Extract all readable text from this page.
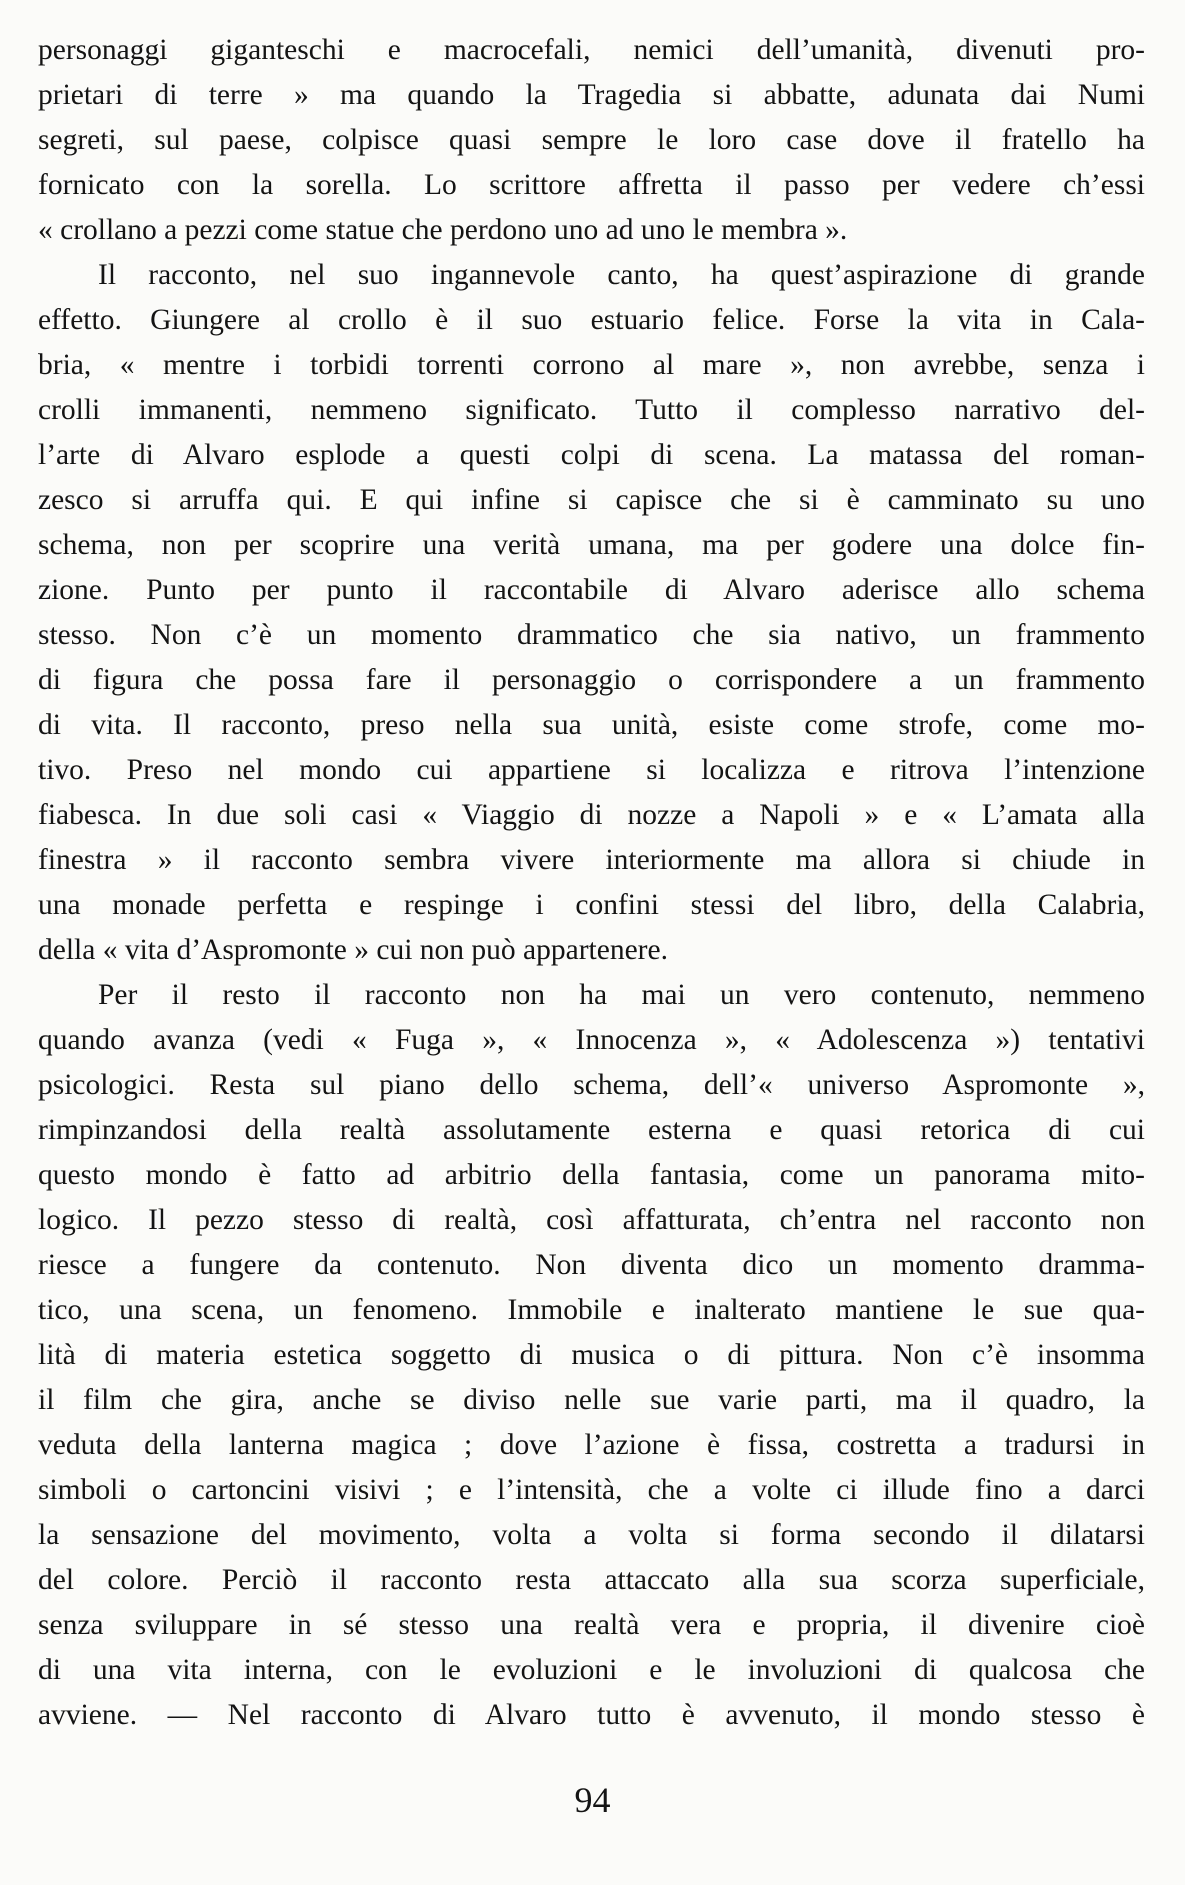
personaggi giganteschi e macrocefali, nemici dell’umanità, divenuti pro-
prietari di terre » ma quando la Tragedia si abbatte, adunata dai Numi
segreti, sul paese, colpisce quasi sempre le loro case dove il fratello ha
fornicato con la sorella. Lo scrittore affretta il passo per vedere ch’essi
« crollano a pezzi come statue che perdono uno ad uno le membra ».
Il racconto, nel suo ingannevole canto, ha quest’aspirazione di grande
effetto. Giungere al crollo è il suo estuario felice. Forse la vita in Cala-
bria, « mentre i torbidi torrenti corrono al mare », non avrebbe, senza i
crolli immanenti, nemmeno significato. Tutto il complesso narrativo del-
l’arte di Alvaro esplode a questi colpi di scena. La matassa del roman-
zesco si arruffa qui. E qui infine si capisce che si è camminato su uno
schema, non per scoprire una verità umana, ma per godere una dolce fin-
zione. Punto per punto il raccontabile di Alvaro aderisce allo schema
stesso. Non c’è un momento drammatico che sia nativo, un frammento
di figura che possa fare il personaggio o corrispondere a un frammento
di vita. Il racconto, preso nella sua unità, esiste come strofe, come mo-
tivo. Preso nel mondo cui appartiene si localizza e ritrova l’intenzione
fiabesca. In due soli casi « Viaggio di nozze a Napoli » e « L’amata alla
finestra » il racconto sembra vivere interiormente ma allora si chiude in
una monade perfetta e respinge i confini stessi del libro, della Calabria,
della « vita d’Aspromonte » cui non può appartenere.
Per il resto il racconto non ha mai un vero contenuto, nemmeno
quando avanza (vedi « Fuga », « Innocenza », « Adolescenza ») tentativi
psicologici. Resta sul piano dello schema, dell’« universo Aspromonte »,
rimpinzandosi della realtà assolutamente esterna e quasi retorica di cui
questo mondo è fatto ad arbitrio della fantasia, come un panorama mito-
logico. Il pezzo stesso di realtà, così affatturata, ch’entra nel racconto non
riesce a fungere da contenuto. Non diventa dico un momento dramma-
tico, una scena, un fenomeno. Immobile e inalterato mantiene le sue qua-
lità di materia estetica soggetto di musica o di pittura. Non c’è insomma
il film che gira, anche se diviso nelle sue varie parti, ma il quadro, la
veduta della lanterna magica ; dove l’azione è fissa, costretta a tradursi in
simboli o cartoncini visivi ; e l’intensità, che a volte ci illude fino a darci
la sensazione del movimento, volta a volta si forma secondo il dilatarsi
del colore. Perciò il racconto resta attaccato alla sua scorza superficiale,
senza sviluppare in sé stesso una realtà vera e propria, il divenire cioè
di una vita interna, con le evoluzioni e le involuzioni di qualcosa che
avviene. — Nel racconto di Alvaro tutto è avvenuto, il mondo stesso è
94
